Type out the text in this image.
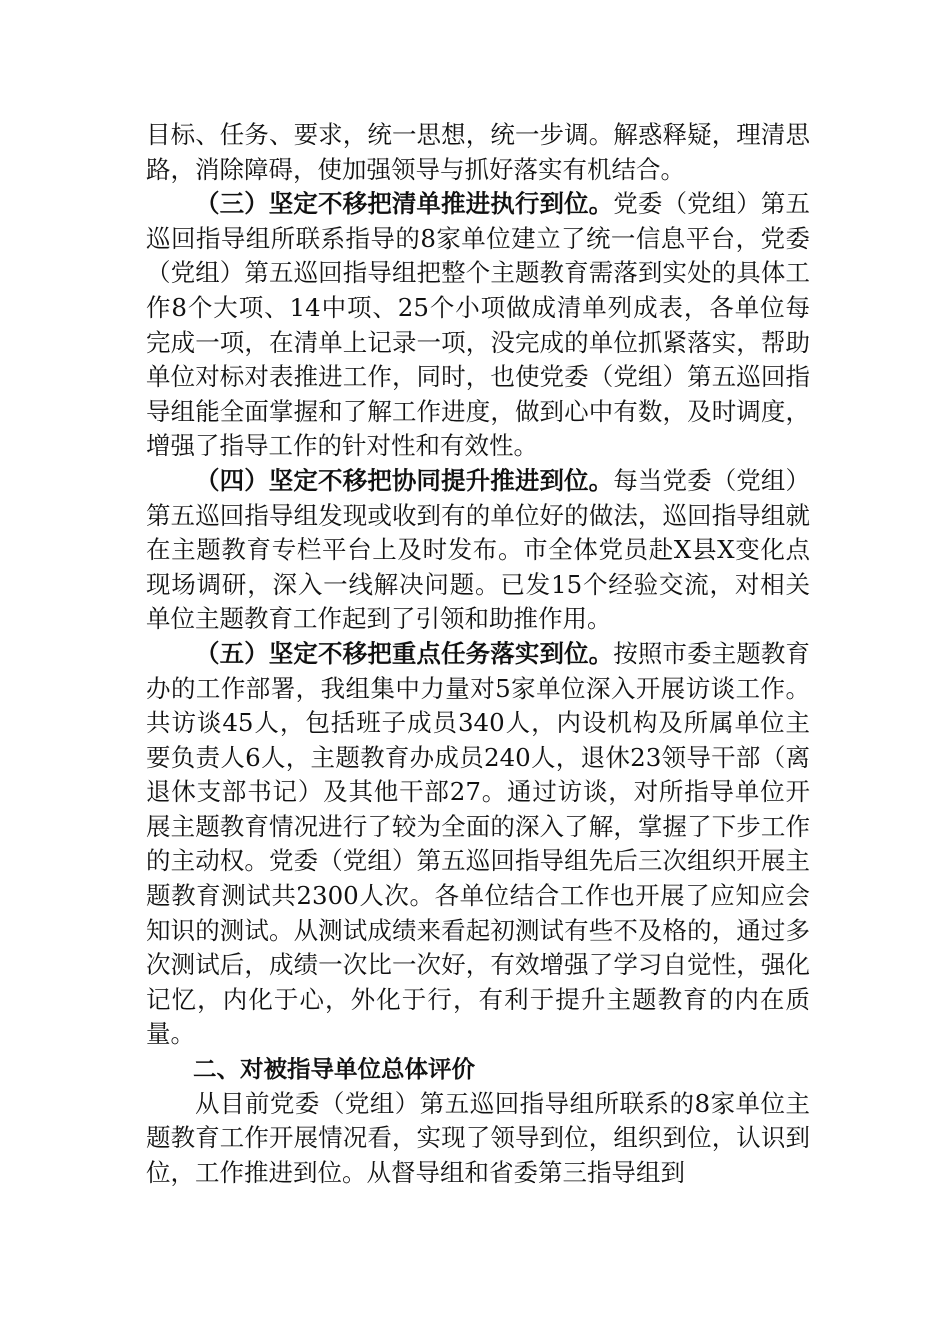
目标、任务、要求，统一思想，统一步调。解惑释疑，理清思路，消除障碍，使加强领导与抓好落实有机结合。

（三）坚定不移把清单推进执行到位。党委（党组）第五巡回指导组所联系指导的8家单位建立了统一信息平台，党委（党组）第五巡回指导组把整个主题教育需落到实处的具体工作8个大项、14中项、25个小项做成清单列成表，各单位每完成一项，在清单上记录一项，没完成的单位抓紧落实，帮助单位对标对表推进工作，同时，也使党委（党组）第五巡回指导组能全面掌握和了解工作进度，做到心中有数，及时调度，增强了指导工作的针对性和有效性。

（四）坚定不移把协同提升推进到位。每当党委（党组）第五巡回指导组发现或收到有的单位好的做法，巡回指导组就在主题教育专栏平台上及时发布。市全体党员赴X县X变化点现场调研，深入一线解决问题。已发15个经验交流，对相关单位主题教育工作起到了引领和助推作用。

（五）坚定不移把重点任务落实到位。按照市委主题教育办的工作部署，我组集中力量对5家单位深入开展访谈工作。共访谈45人，包括班子成员340人，内设机构及所属单位主要负责人6人，主题教育办成员240人，退休23领导干部（离退休支部书记）及其他干部27。通过访谈，对所指导单位开展主题教育情况进行了较为全面的深入了解，掌握了下步工作的主动权。党委（党组）第五巡回指导组先后三次组织开展主题教育测试共2300人次。各单位结合工作也开展了应知应会知识的测试。从测试成绩来看起初测试有些不及格的，通过多次测试后，成绩一次比一次好，有效增强了学习自觉性，强化记忆，内化于心，外化于行，有利于提升主题教育的内在质量。

二、对被指导单位总体评价

从目前党委（党组）第五巡回指导组所联系的8家单位主题教育工作开展情况看，实现了领导到位，组织到位，认识到位，工作推进到位。从督导组和省委第三指导组到
